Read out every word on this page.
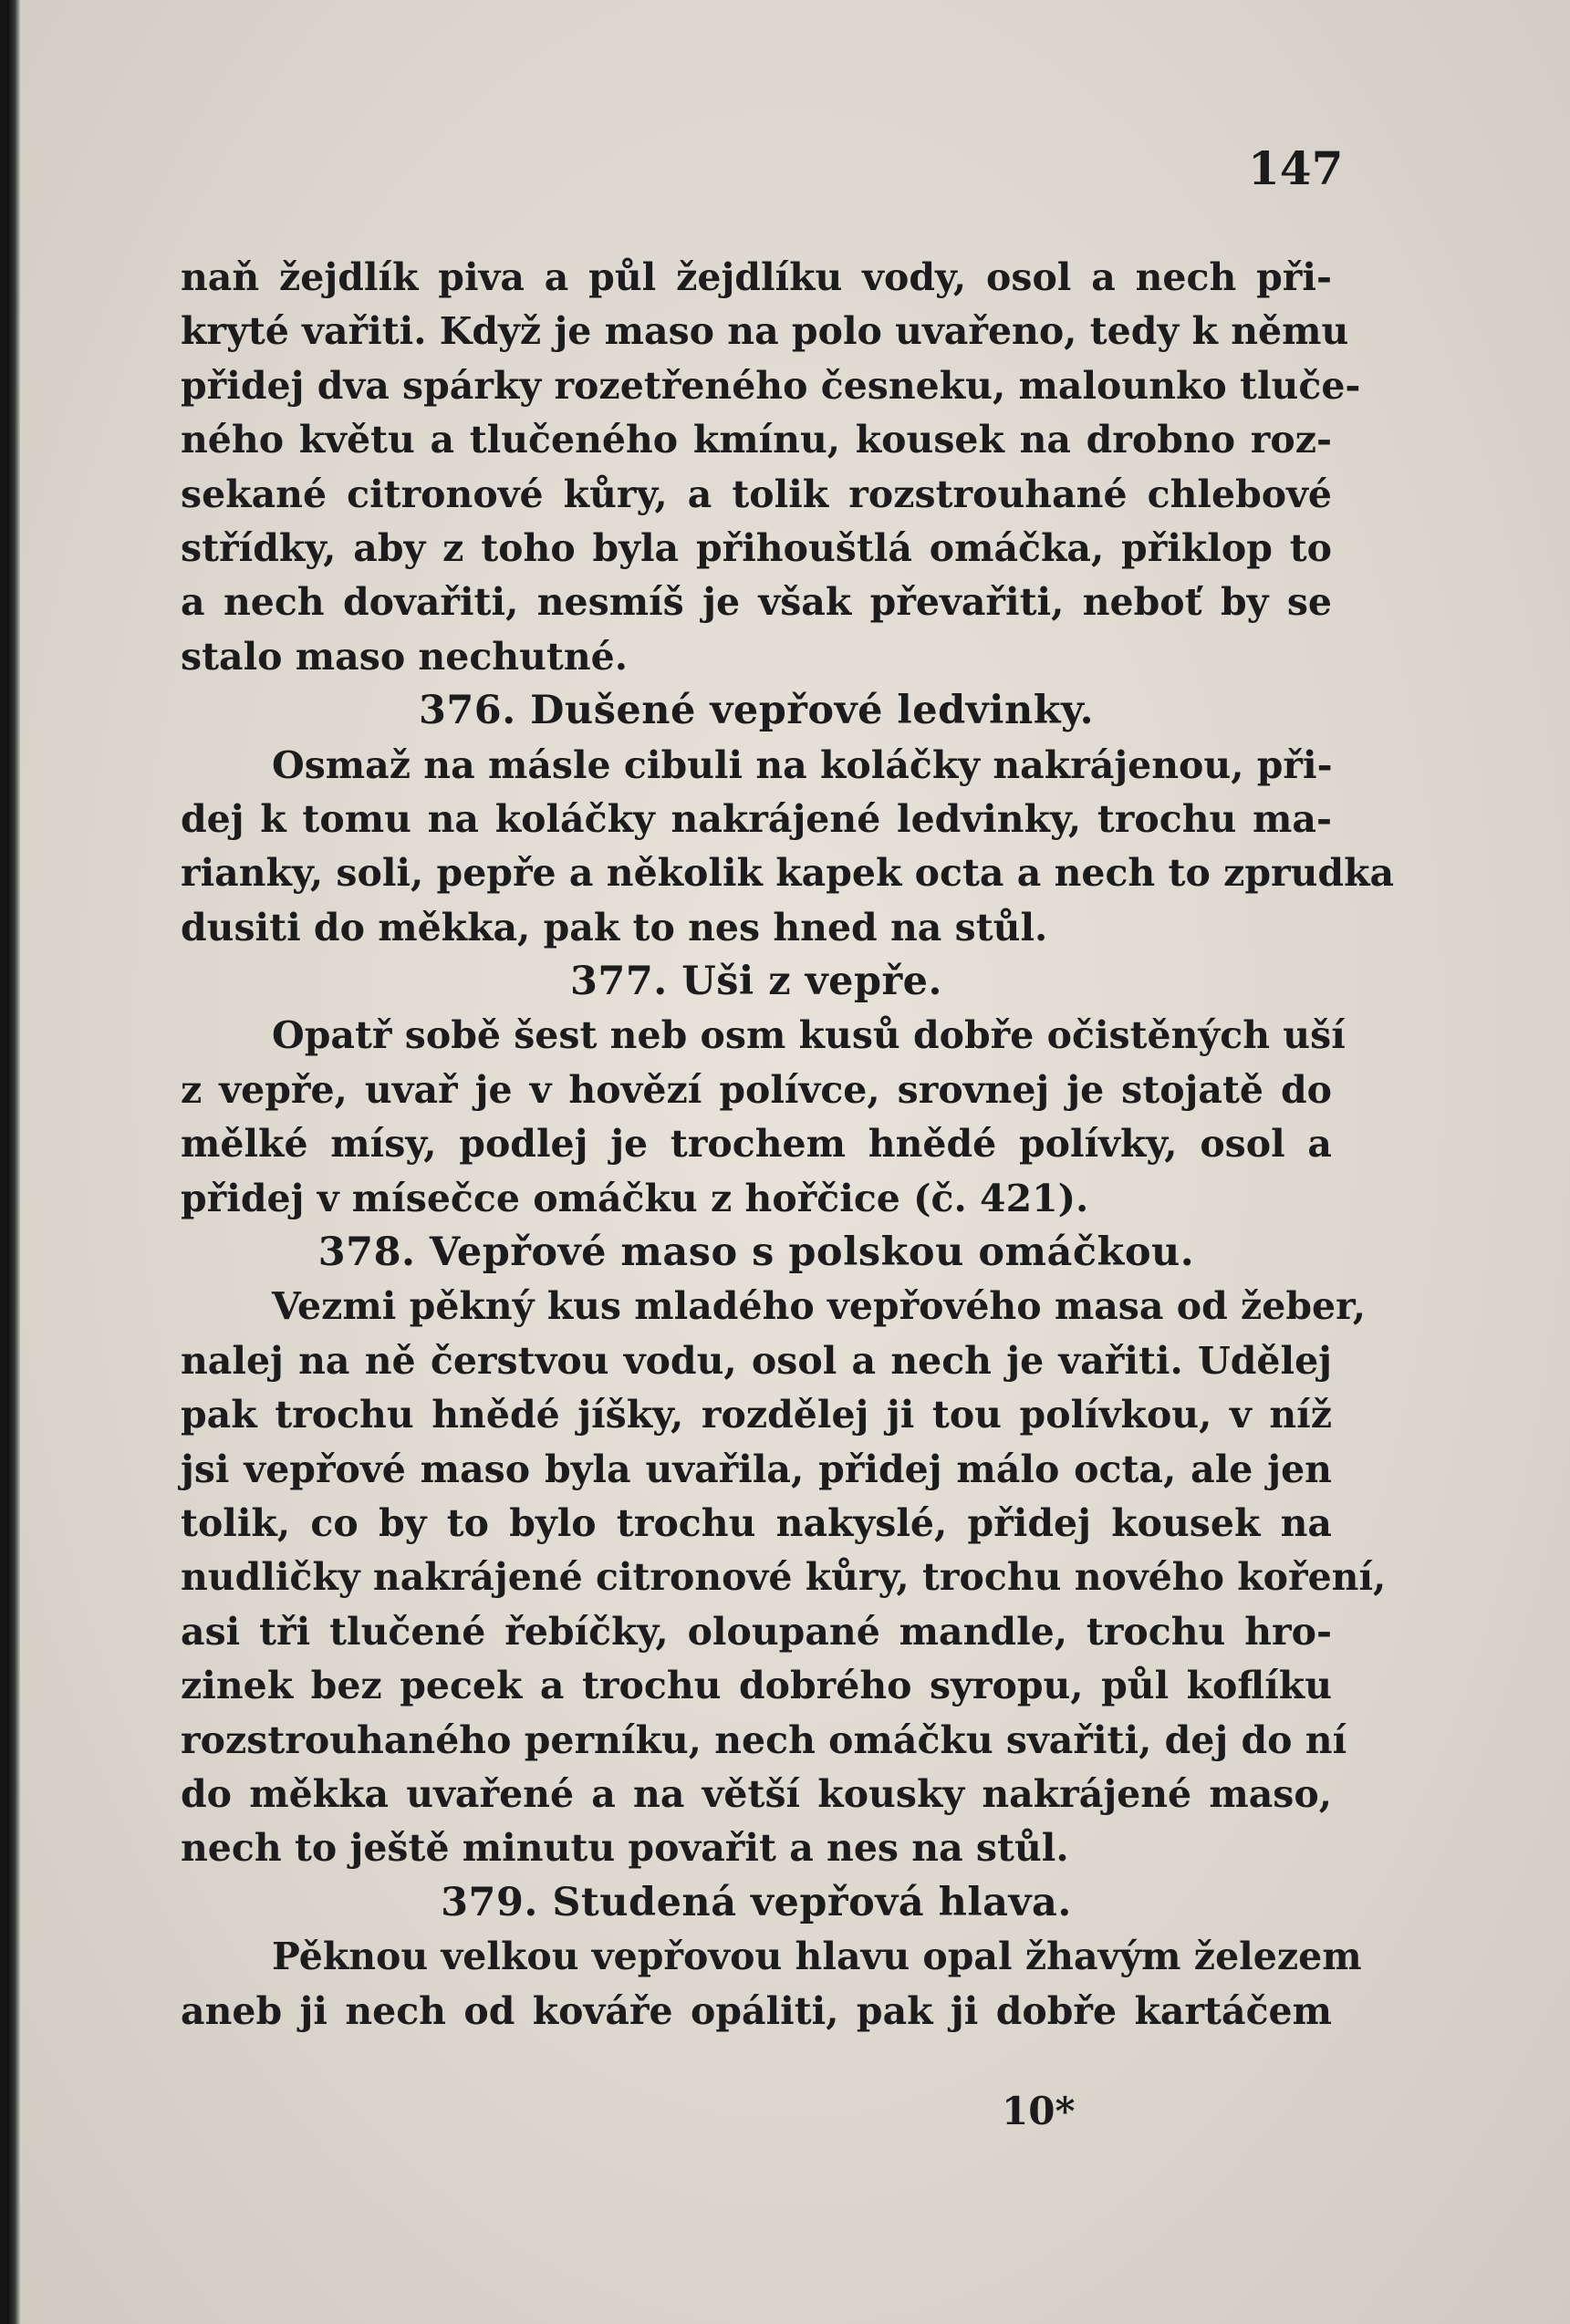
147
naň žejdlík piva a půl žejdlíku vody, osol a nech při-
kryté vařiti. Když je maso na polo uvařeno, tedy k němu
přidej dva spárky rozetřeného česneku, malounko tluče-
ného květu a tlučeného kmínu, kousek na drobno roz-
sekané citronové kůry, a tolik rozstrouhané chlebové
střídky, aby z toho byla přihouštlá omáčka, přiklop to
a nech dovařiti, nesmíš je však převařiti, neboť by se
stalo maso nechutné.
376. Dušené vepřové ledvinky.
Osmaž na másle cibuli na koláčky nakrájenou, při-
dej k tomu na koláčky nakrájené ledvinky, trochu ma-
rianky, soli, pepře a několik kapek octa a nech to zprudka
dusiti do měkka, pak to nes hned na stůl.
377. Uši z vepře.
Opatř sobě šest neb osm kusů dobře očistěných uší
z vepře, uvař je v hovězí polívce, srovnej je stojatě do
mělké mísy, podlej je trochem hnědé polívky, osol a
přidej v mísečce omáčku z hořčice (č. 421).
378. Vepřové maso s polskou omáčkou.
Vezmi pěkný kus mladého vepřového masa od žeber,
nalej na ně čerstvou vodu, osol a nech je vařiti. Udělej
pak trochu hnědé jíšky, rozdělej ji tou polívkou, v níž
jsi vepřové maso byla uvařila, přidej málo octa, ale jen
tolik, co by to bylo trochu nakyslé, přidej kousek na
nudličky nakrájené citronové kůry, trochu nového koření,
asi tři tlučené řebíčky, oloupané mandle, trochu hro-
zinek bez pecek a trochu dobrého syropu, půl koflíku
rozstrouhaného perníku, nech omáčku svařiti, dej do ní
do měkka uvařené a na větší kousky nakrájené maso,
nech to ještě minutu povařit a nes na stůl.
379. Studená vepřová hlava.
Pěknou velkou vepřovou hlavu opal žhavým železem
aneb ji nech od kováře opáliti, pak ji dobře kartáčem
10*
